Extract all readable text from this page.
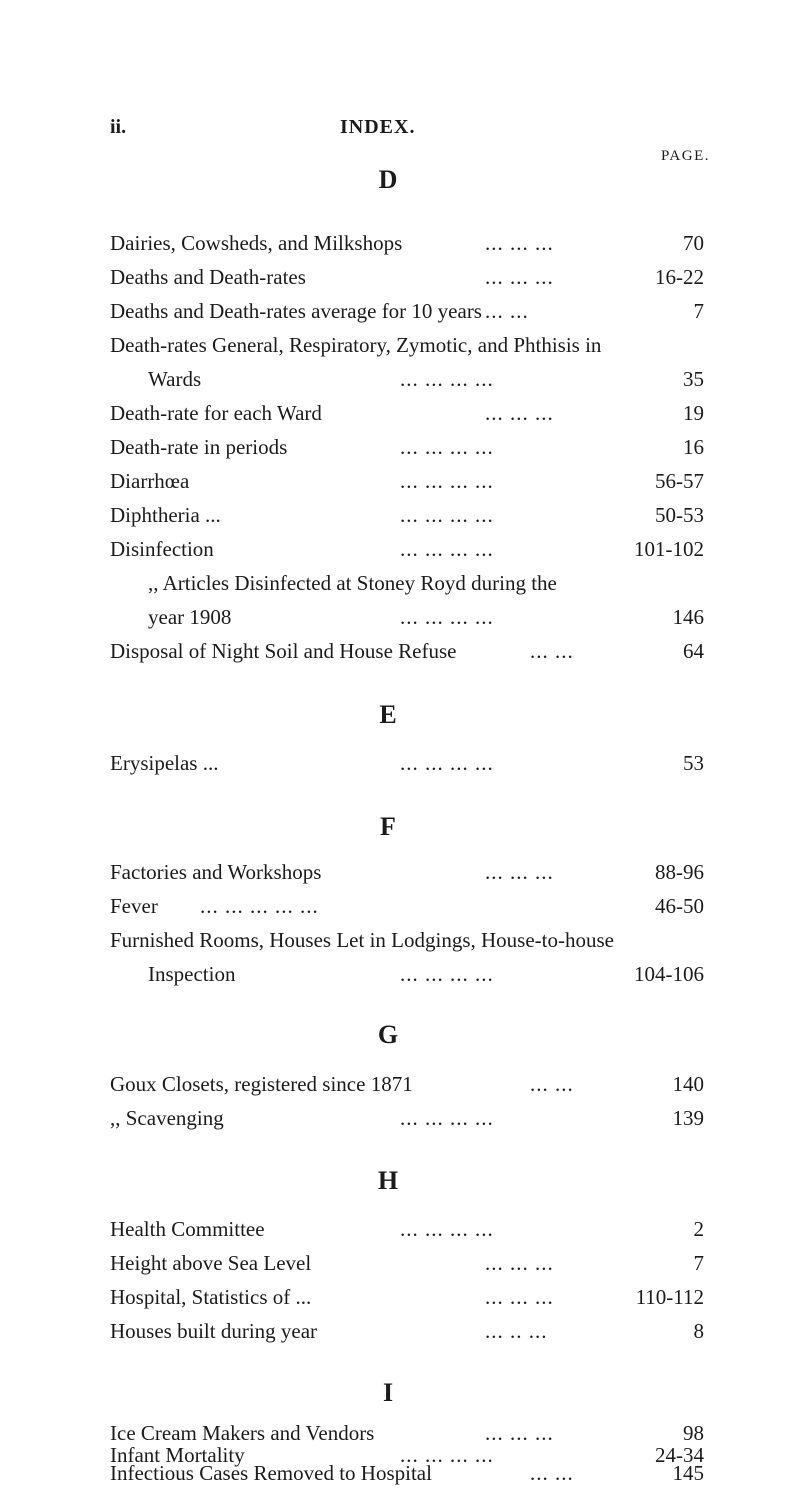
ii.	INDEX.
PAGE.
D
Dairies, Cowsheds, and Milkshops	... ... ...	70
Deaths and Death-rates	... ... ...	16-22
Deaths and Death-rates average for 10 years ... ...	7
Death-rates General, Respiratory, Zymotic, and Phthisis in
Wards	... ... ... ...	35
Death-rate for each Ward	... ... ...	19
Death-rate in periods	... ... ... ...	16
Diarrhœa	... ... ... ...	56-57
Diphtheria ...	... ... ... ...	50-53
Disinfection	... ... ... ...	101-102
,, Articles Disinfected at Stoney Royd during the
year 1908	... ... ... ...	146
Disposal of Night Soil and House Refuse	... ...	64
E
Erysipelas ...	... ... ... ...	53
F
Factories and Workshops	... ... ...	88-96
Fever ... ... ... ... ...	46-50
Furnished Rooms, Houses Let in Lodgings, House-to-house
Inspection	... ... ... ...	104-106
G
Goux Closets, registered since 1871	... ...	140
,, Scavenging	... ... ... ...	139
H
Health Committee	... ... ... ...	2
Height above Sea Level	... ... ...	7
Hospital, Statistics of ...	... ... ...	110-112
Houses built during year	... .. ...	8
I
Ice Cream Makers and Vendors	... ... ...	98
Infant Mortality	... ... ... ...	24-34
Infectious Cases Removed to Hospital	... ...	145
